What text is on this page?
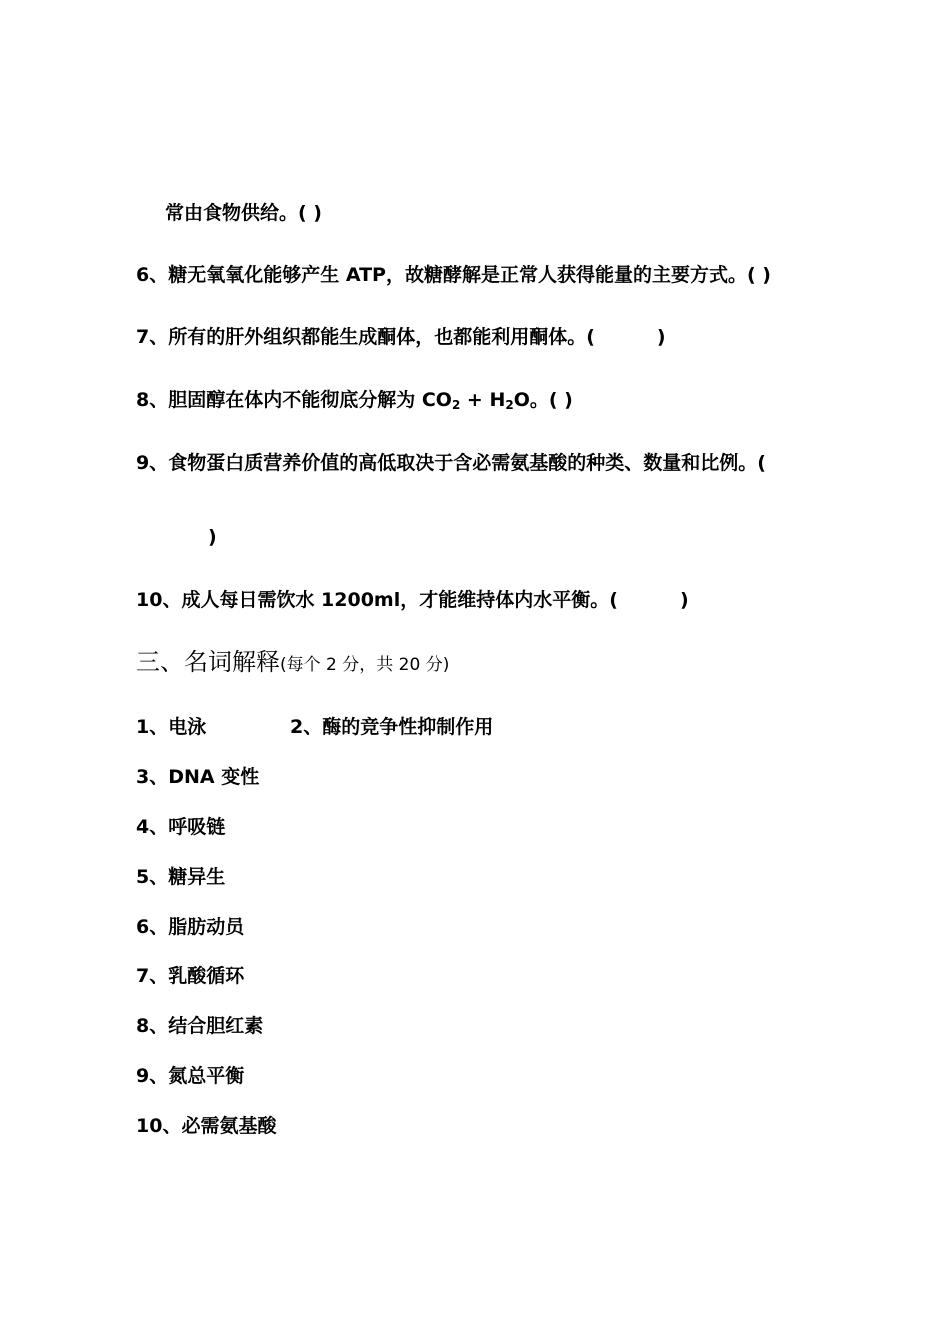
常由食物供给。( )
6、糖无氧氧化能够产生 ATP，故糖酵解是正常人获得能量的主要方式。( )
7、所有的肝外组织都能生成酮体，也都能利用酮体。(	)
8、胆固醇在体内不能彻底分解为 $CO_2 + H_2O$。( )
9、食物蛋白质营养价值的高低取决于含必需氨基酸的种类、数量和比例。(
)
10、成人每日需饮水 1200ml，才能维持体内水平衡。(	)
三、名词解释(每个 2 分，共 20 分)
1、电泳	2、酶的竞争性抑制作用
3、DNA 变性
4、呼吸链
5、糖异生
6、脂肪动员
7、乳酸循环
8、结合胆红素
9、氮总平衡
10、必需氨基酸
